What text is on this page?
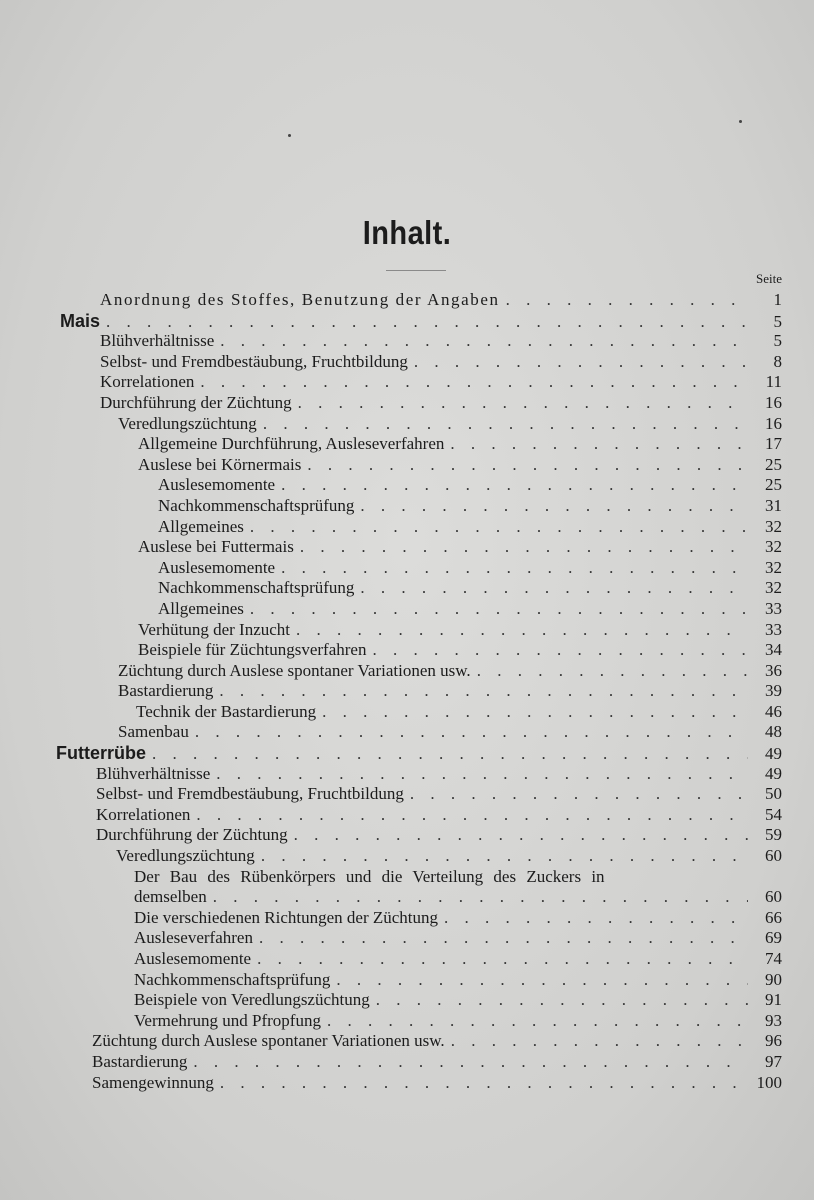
Inhalt.
Seite
Anordnung des Stoffes, Benutzung der Angaben . . .	1
Mais . . .	5
Blühverhältnisse . . .	5
Selbst- und Fremdbestäubung, Fruchtbildung . . .	8
Korrelationen . . .	11
Durchführung der Züchtung . . .	16
Veredlungszüchtung . . .	16
Allgemeine Durchführung, Ausleseverfahren . . .	17
Auslese bei Körnermais . . .	25
Auslesemomente . . .	25
Nachkommenschaftsprüfung . . .	31
Allgemeines . . .	32
Auslese bei Futtermais . . .	32
Auslesemomente . . .	32
Nachkommenschaftsprüfung . . .	32
Allgemeines . . .	33
Verhütung der Inzucht . . .	33
Beispiele für Züchtungsverfahren . . .	34
Züchtung durch Auslese spontaner Variationen usw. . . .	36
Bastardierung . . .	39
Technik der Bastardierung . . .	46
Samenbau . . .	48
Futterrübe . . .	49
Blühverhältnisse . . .	49
Selbst- und Fremdbestäubung, Fruchtbildung . . .	50
Korrelationen . . .	54
Durchführung der Züchtung . . .	59
Veredlungszüchtung . . .	60
Der Bau des Rübenkörpers und die Verteilung des Zuckers in
demselben . . .	60
Die verschiedenen Richtungen der Züchtung . . .	66
Ausleseverfahren . . .	69
Auslesemomente . . .	74
Nachkommenschaftsprüfung . . .	90
Beispiele von Veredlungszüchtung . . .	91
Vermehrung und Pfropfung . . .	93
Züchtung durch Auslese spontaner Variationen usw. . . .	96
Bastardierung . . .	97
Samengewinnung . . .	100
